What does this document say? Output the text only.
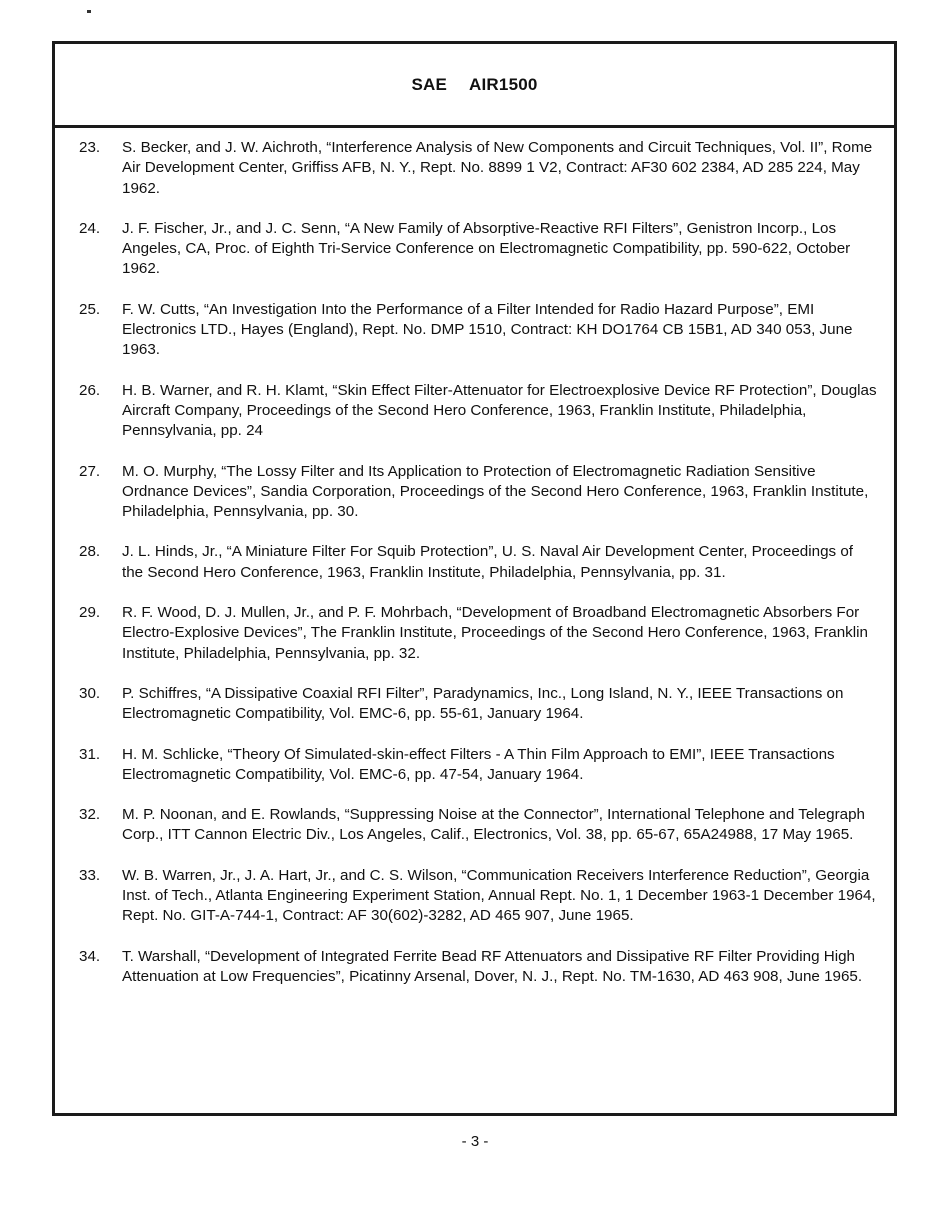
SAE AIR1500
23. S. Becker, and J. W. Aichroth, “Interference Analysis of New Components and Circuit Techniques, Vol. II”, Rome Air Development Center, Griffiss AFB, N. Y., Rept. No. 8899 1 V2, Contract: AF30 602 2384, AD 285 224, May 1962.
24. J. F. Fischer, Jr., and J. C. Senn, “A New Family of Absorptive-Reactive RFI Filters”, Genistron Incorp., Los Angeles, CA, Proc. of Eighth Tri-Service Conference on Electromagnetic Compatibility, pp. 590-622, October 1962.
25. F. W. Cutts, “An Investigation Into the Performance of a Filter Intended for Radio Hazard Purpose”, EMI Electronics LTD., Hayes (England), Rept. No. DMP 1510, Contract: KH DO1764 CB 15B1, AD 340 053, June 1963.
26. H. B. Warner, and R. H. Klamt, “Skin Effect Filter-Attenuator for Electroexplosive Device RF Protection”, Douglas Aircraft Company, Proceedings of the Second Hero Conference, 1963, Franklin Institute, Philadelphia, Pennsylvania, pp. 24
27. M. O. Murphy, “The Lossy Filter and Its Application to Protection of Electromagnetic Radiation Sensitive Ordnance Devices”, Sandia Corporation, Proceedings of the Second Hero Conference, 1963, Franklin Institute, Philadelphia, Pennsylvania, pp. 30.
28. J. L. Hinds, Jr., “A Miniature Filter For Squib Protection”, U. S. Naval Air Development Center, Proceedings of the Second Hero Conference, 1963, Franklin Institute, Philadelphia, Pennsylvania, pp. 31.
29. R. F. Wood, D. J. Mullen, Jr., and P. F. Mohrbach, “Development of Broadband Electromagnetic Absorbers For Electro-Explosive Devices”, The Franklin Institute, Proceedings of the Second Hero Conference, 1963, Franklin Institute, Philadelphia, Pennsylvania, pp. 32.
30. P. Schiffres, “A Dissipative Coaxial RFI Filter”, Paradynamics, Inc., Long Island, N. Y., IEEE Transactions on Electromagnetic Compatibility, Vol. EMC-6, pp. 55-61, January 1964.
31. H. M. Schlicke, “Theory Of Simulated-skin-effect Filters - A Thin Film Approach to EMI”, IEEE Transactions Electromagnetic Compatibility, Vol. EMC-6, pp. 47-54, January 1964.
32. M. P. Noonan, and E. Rowlands, “Suppressing Noise at the Connector”, International Telephone and Telegraph Corp., ITT Cannon Electric Div., Los Angeles, Calif., Electronics, Vol. 38, pp. 65-67, 65A24988, 17 May 1965.
33. W. B. Warren, Jr., J. A. Hart, Jr., and C. S. Wilson, “Communication Receivers Interference Reduction”, Georgia Inst. of Tech., Atlanta Engineering Experiment Station, Annual Rept. No. 1, 1 December 1963-1 December 1964, Rept. No. GIT-A-744-1, Contract: AF 30(602)-3282, AD 465 907, June 1965.
34. T. Warshall, “Development of Integrated Ferrite Bead RF Attenuators and Dissipative RF Filter Providing High Attenuation at Low Frequencies”, Picatinny Arsenal, Dover, N. J., Rept. No. TM-1630, AD 463 908, June 1965.
- 3 -
